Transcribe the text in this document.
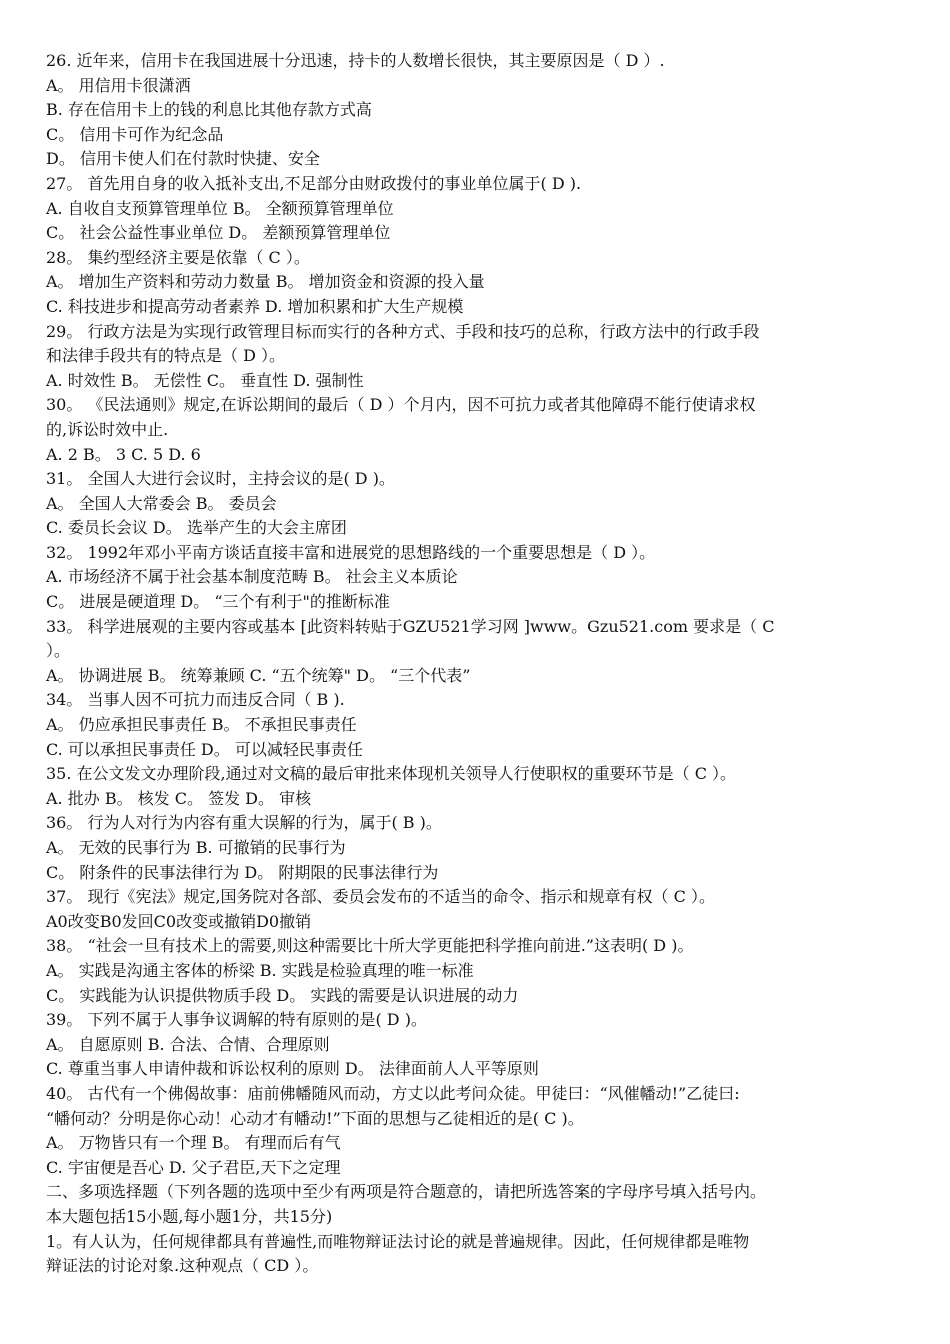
26. 近年来，信用卡在我国进展十分迅速，持卡的人数增长很快，其主要原因是（ D ）.
A。 用信用卡很潇洒
B. 存在信用卡上的钱的利息比其他存款方式高
C。 信用卡可作为纪念品
D。 信用卡使人们在付款时快捷、安全
27。 首先用自身的收入抵补支出,不足部分由财政拨付的事业单位属于( D ).
A. 自收自支预算管理单位 B。 全额预算管理单位
C。 社会公益性事业单位 D。 差额预算管理单位
28。 集约型经济主要是依靠（ C ）。
A。 增加生产资料和劳动力数量 B。 增加资金和资源的投入量
C. 科技进步和提高劳动者素养 D. 增加积累和扩大生产规模
29。 行政方法是为实现行政管理目标而实行的各种方式、手段和技巧的总称，行政方法中的行政手段
和法律手段共有的特点是（ D ）。
A. 时效性 B。 无偿性 C。 垂直性 D. 强制性
30。 《民法通则》规定,在诉讼期间的最后（ D ）个月内，因不可抗力或者其他障碍不能行使请求权
的,诉讼时效中止.
A. 2 B。 3 C. 5 D. 6
31。 全国人大进行会议时，主持会议的是( D )。
A。 全国人大常委会 B。 委员会
C. 委员长会议 D。 选举产生的大会主席团
32。 1992年邓小平南方谈话直接丰富和进展党的思想路线的一个重要思想是（ D ）。
A. 市场经济不属于社会基本制度范畴 B。 社会主义本质论
C。 进展是硬道理 D。 “三个有利于"的推断标准
33。 科学进展观的主要内容或基本 [此资料转贴于GZU521学习网 ]www。Gzu521.com 要求是（ C
）。
A。 协调进展 B。 统筹兼顾 C. “五个统筹" D。 “三个代表”
34。 当事人因不可抗力而违反合同（ B ).
A。 仍应承担民事责任 B。 不承担民事责任
C. 可以承担民事责任 D。 可以减轻民事责任
35. 在公文发文办理阶段,通过对文稿的最后审批来体现机关领导人行使职权的重要环节是（ C ）。
A. 批办 B。 核发 C。 签发 D。 审核
36。 行为人对行为内容有重大误解的行为，属于( B )。
A。 无效的民事行为 B. 可撤销的民事行为
C。 附条件的民事法律行为 D。 附期限的民事法律行为
37。 现行《宪法》规定,国务院对各部、委员会发布的不适当的命令、指示和规章有权（ C ）。
A0改变B0发回C0改变或撤销D0撤销
38。 “社会一旦有技术上的需要,则这种需要比十所大学更能把科学推向前进.”这表明( D )。
A。 实践是沟通主客体的桥梁 B. 实践是检验真理的唯一标准
C。 实践能为认识提供物质手段 D。 实践的需要是认识进展的动力
39。 下列不属于人事争议调解的特有原则的是( D )。
A。 自愿原则 B. 合法、合情、合理原则
C. 尊重当事人申请仲裁和诉讼权利的原则 D。 法律面前人人平等原则
40。 古代有一个佛偈故事：庙前佛幡随风而动，方丈以此考问众徒。甲徒曰：“风催幡动!”乙徒曰:
“幡何动？分明是你心动！心动才有幡动!”下面的思想与乙徒相近的是( C )。
A。 万物皆只有一个理 B。 有理而后有气
C. 宇宙便是吾心 D. 父子君臣,天下之定理
二、多项选择题（下列各题的选项中至少有两项是符合题意的，请把所选答案的字母序号填入括号内。
本大题包括15小题,每小题1分，共15分)
1。有人认为，任何规律都具有普遍性,而唯物辩证法讨论的就是普遍规律。因此，任何规律都是唯物
辩证法的讨论对象.这种观点（ CD ）。
